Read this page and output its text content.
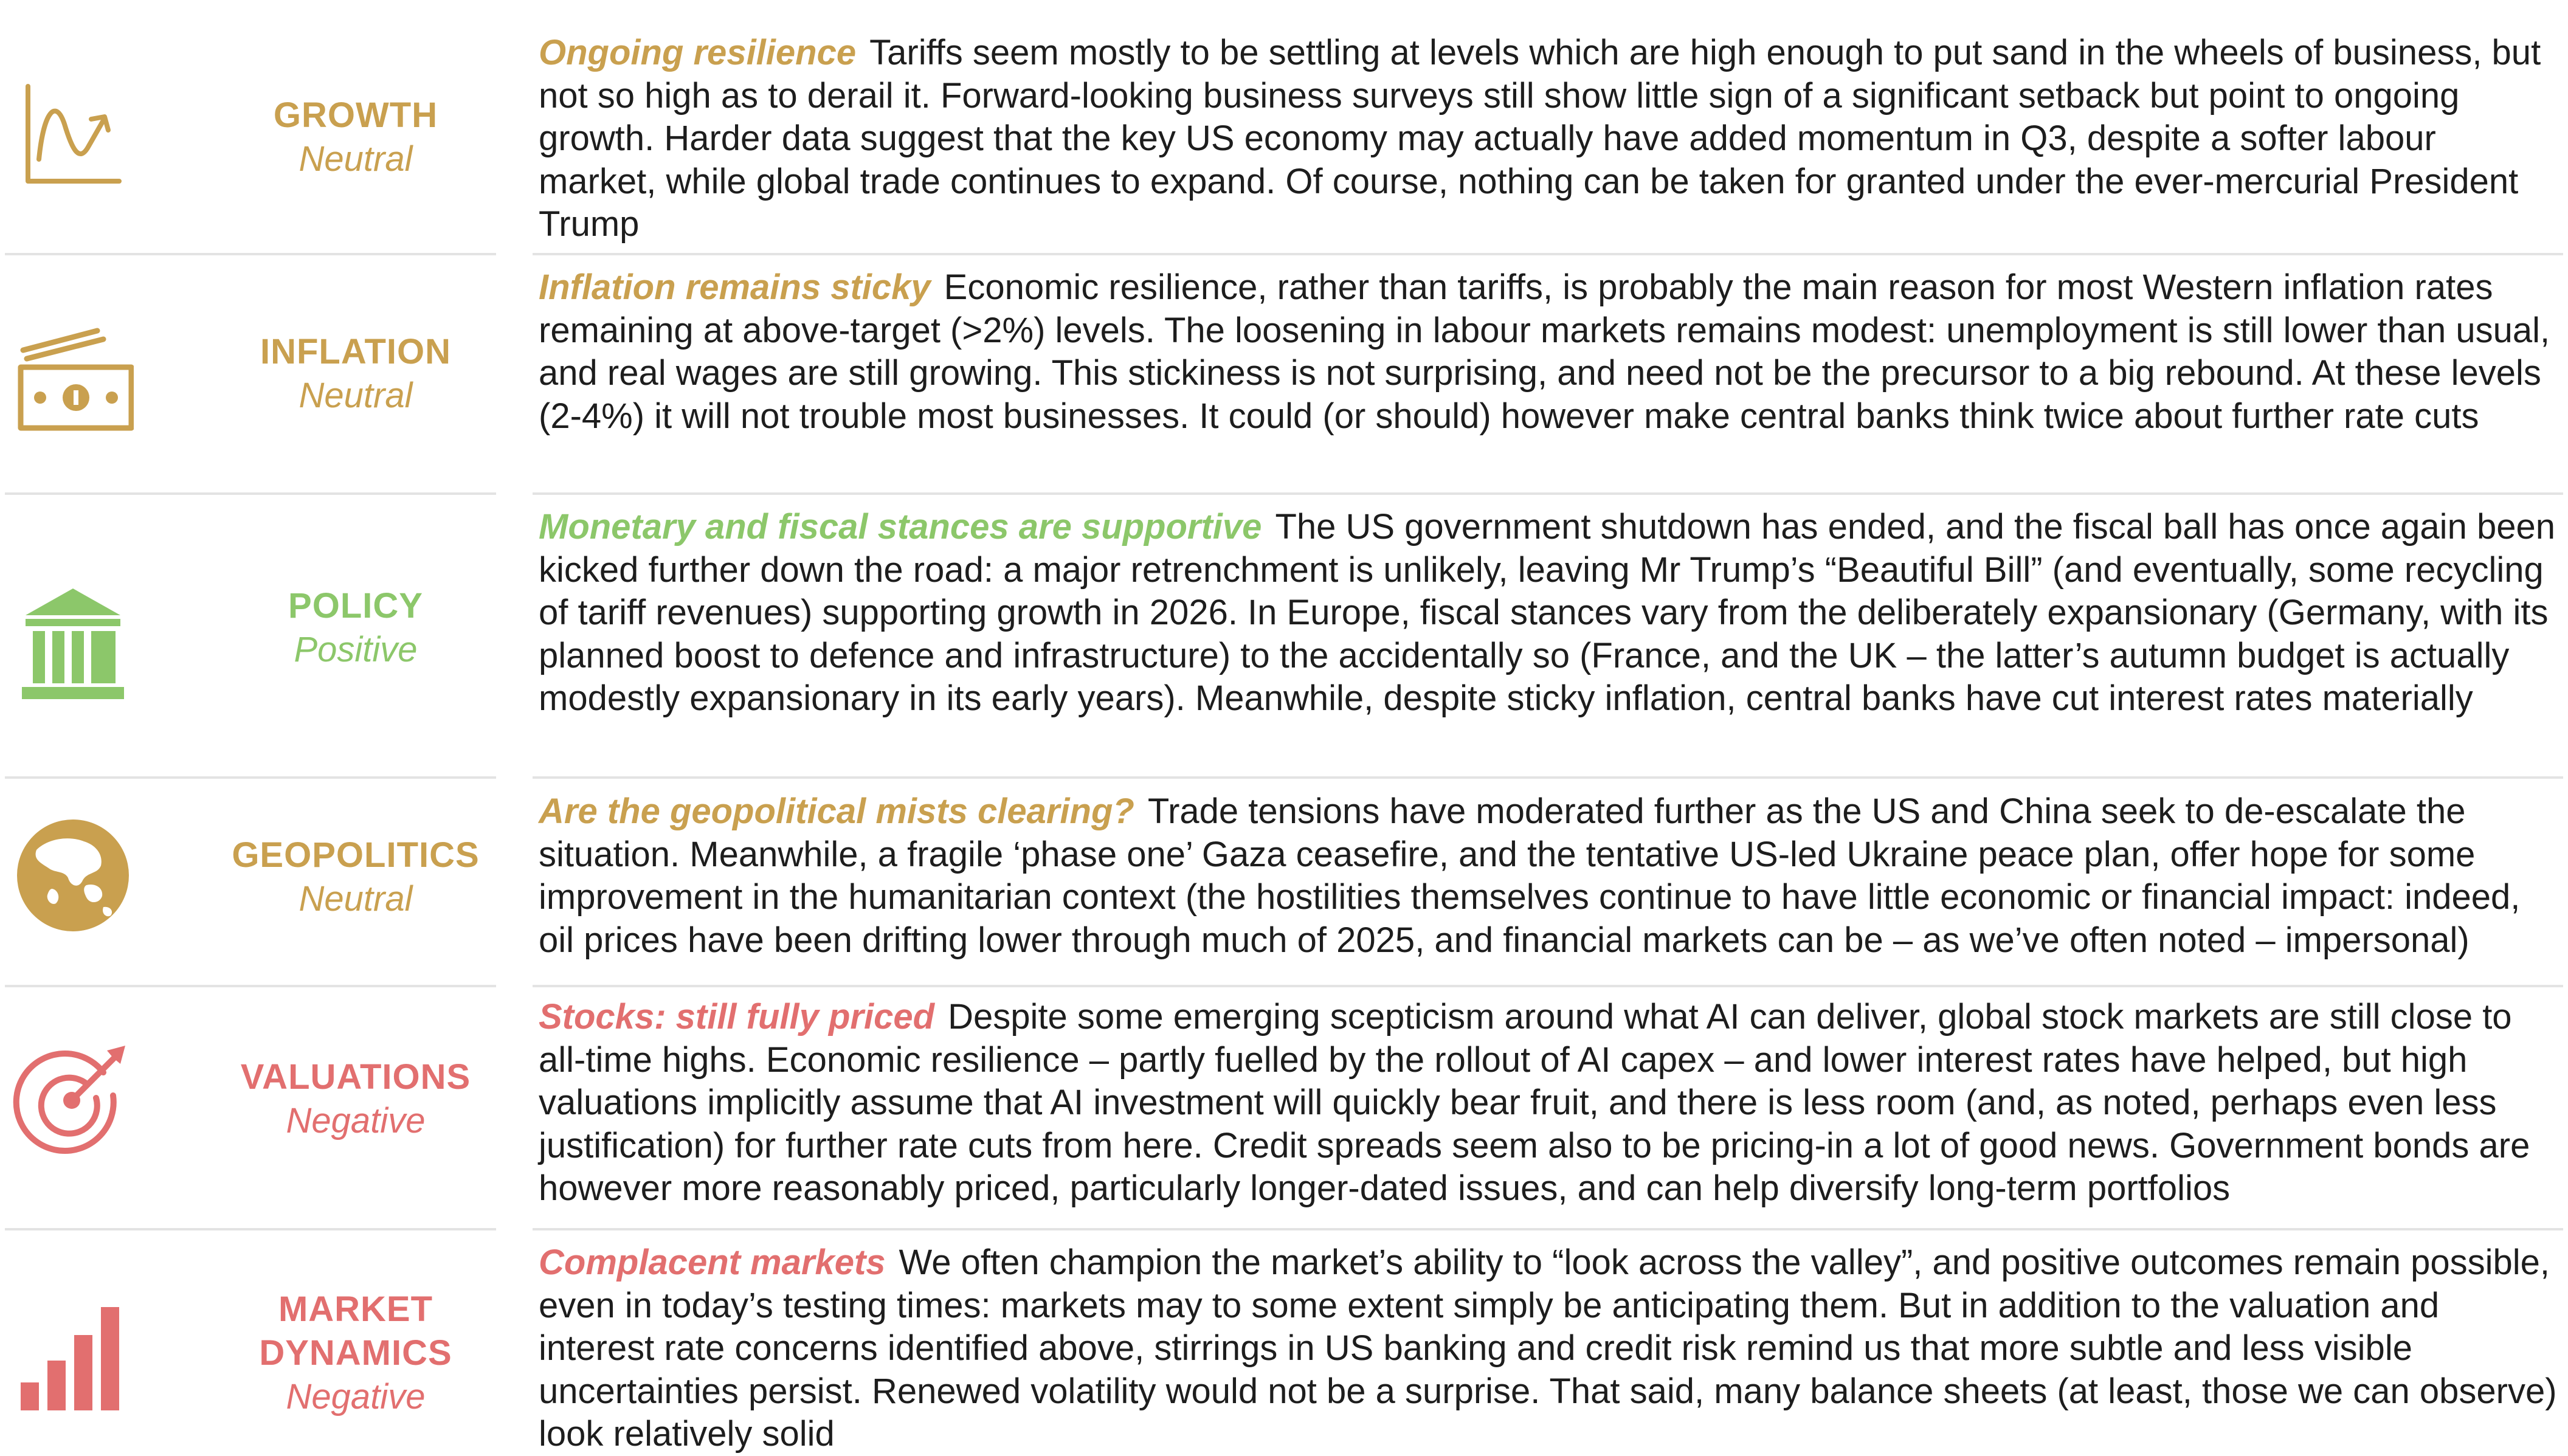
GROWTH
Neutral
Ongoing resilience Tariffs seem mostly to be settling at levels which are high enough to put sand in the wheels of business, but not so high as to derail it. Forward-looking business surveys still show little sign of a significant setback but point to ongoing growth. Harder data suggest that the key US economy may actually have added momentum in Q3, despite a softer labour market, while global trade continues to expand. Of course, nothing can be taken for granted under the ever-mercurial President Trump
INFLATION
Neutral
Inflation remains sticky Economic resilience, rather than tariffs, is probably the main reason for most Western inflation rates remaining at above-target (>2%) levels. The loosening in labour markets remains modest: unemployment is still lower than usual, and real wages are still growing. This stickiness is not surprising, and need not be the precursor to a big rebound. At these levels (2-4%) it will not trouble most businesses. It could (or should) however make central banks think twice about further rate cuts
POLICY
Positive
Monetary and fiscal stances are supportive The US government shutdown has ended, and the fiscal ball has once again been kicked further down the road: a major retrenchment is unlikely, leaving Mr Trump’s “Beautiful Bill” (and eventually, some recycling of tariff revenues) supporting growth in 2026. In Europe, fiscal stances vary from the deliberately expansionary (Germany, with its planned boost to defence and infrastructure) to the accidentally so (France, and the UK – the latter’s autumn budget is actually modestly expansionary in its early years). Meanwhile, despite sticky inflation, central banks have cut interest rates materially
GEOPOLITICS
Neutral
Are the geopolitical mists clearing? Trade tensions have moderated further as the US and China seek to de-escalate the situation. Meanwhile, a fragile ‘phase one’ Gaza ceasefire, and the tentative US-led Ukraine peace plan, offer hope for some improvement in the humanitarian context (the hostilities themselves continue to have little economic or financial impact: indeed, oil prices have been drifting lower through much of 2025, and financial markets can be – as we’ve often noted – impersonal)
VALUATIONS
Negative
Stocks: still fully priced Despite some emerging scepticism around what AI can deliver, global stock markets are still close to all-time highs. Economic resilience – partly fuelled by the rollout of AI capex – and lower interest rates have helped, but high valuations implicitly assume that AI investment will quickly bear fruit, and there is less room (and, as noted, perhaps even less justification) for further rate cuts from here. Credit spreads seem also to be pricing-in a lot of good news. Government bonds are however more reasonably priced, particularly longer-dated issues, and can help diversify long-term portfolios
MARKET
DYNAMICS
Negative
Complacent markets We often champion the market’s ability to “look across the valley”, and positive outcomes remain possible, even in today’s testing times: markets may to some extent simply be anticipating them. But in addition to the valuation and interest rate concerns identified above, stirrings in US banking and credit risk remind us that more subtle and less visible uncertainties persist. Renewed volatility would not be a surprise. That said, many balance sheets (at least, those we can observe) look relatively solid
